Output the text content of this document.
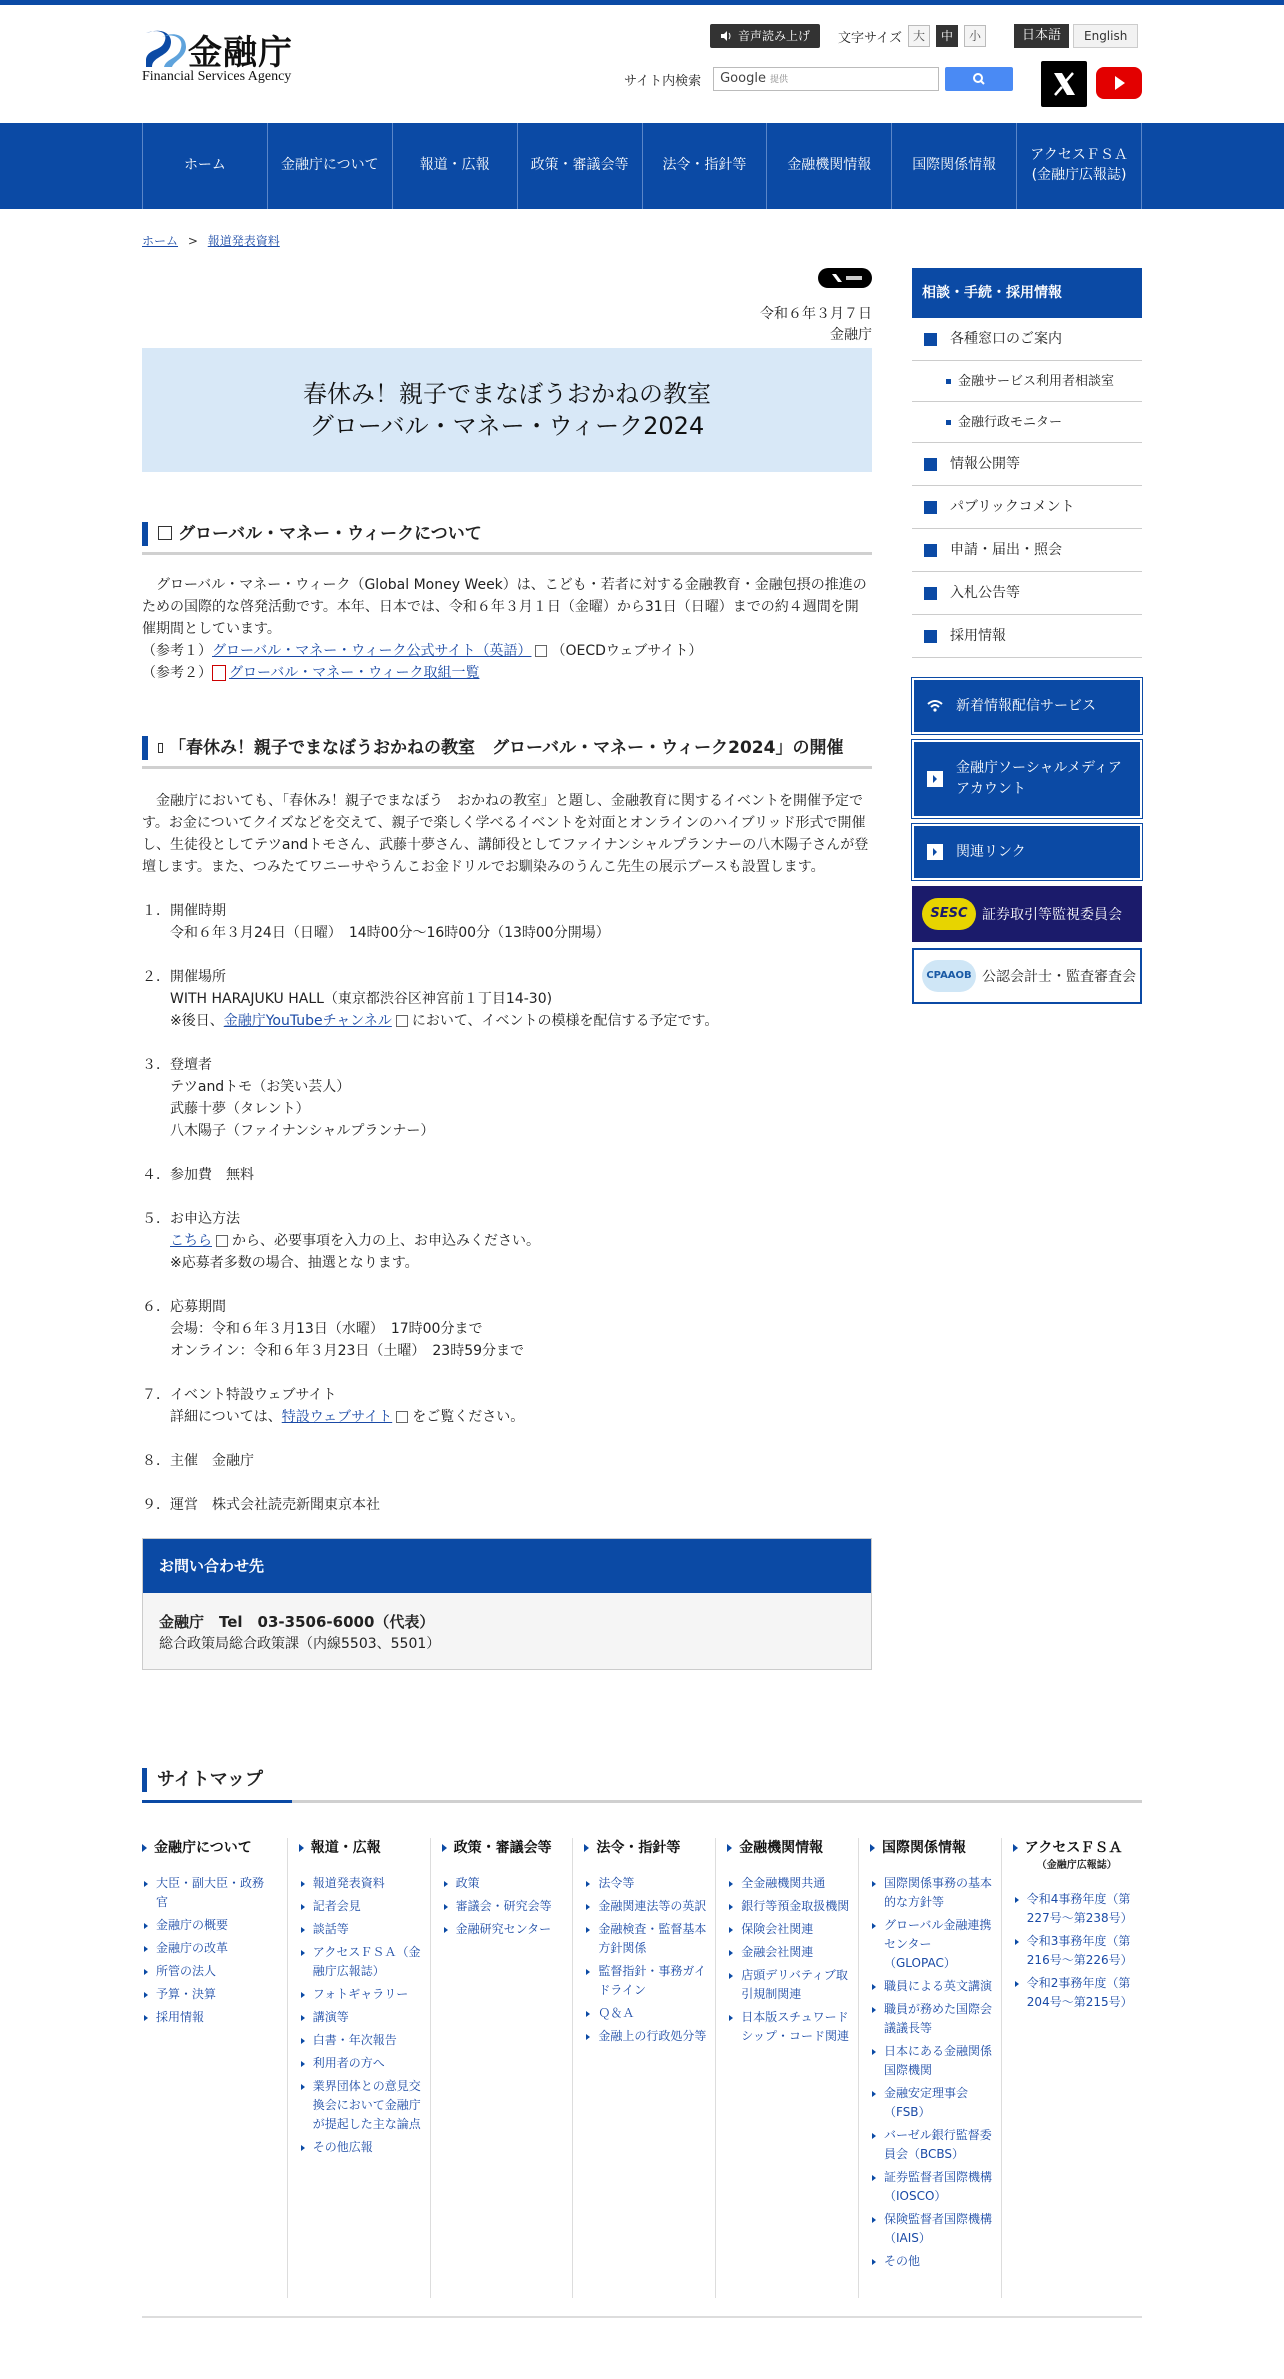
金融庁
Financial Services Agency
音声読み上げ 文字サイズ 大	中	小	日本語	English
サイト内検索	Google 提供
ホーム	金融庁について	報道・広報	政策・審議会等	法令・指針等	金融機関情報	国際関係情報
アクセスＦＳＡ
(金融庁広報誌)
ホーム > 報道発表資料
令和６年３月７日
金融庁
春休み！親子でまなぼうおかねの教室
グローバル・マネー・ウィーク2024
グローバル・マネー・ウィークについて
　グローバル・マネー・ウィーク（Global Money Week）は、こども・若者に対する金融教育・金融包摂の推進のための国際的な啓発活動です。本年、日本では、令和６年３月１日（金曜）から31日（日曜）までの約４週間を開催期間としています。
（参考１）グローバル・マネー・ウィーク公式サイト（英語） （OECDウェブサイト）
（参考２） グローバル・マネー・ウィーク取組一覧
「春休み！親子でまなぼうおかねの教室　グローバル・マネー・ウィーク2024」の開催
　金融庁においても、「春休み！親子でまなぼう　おかねの教室」と題し、金融教育に関するイベントを開催予定です。お金についてクイズなどを交えて、親子で楽しく学べるイベントを対面とオンラインのハイブリッド形式で開催し、生徒役としてテツandトモさん、武藤十夢さん、講師役としてファイナンシャルプランナーの八木陽子さんが登壇します。また、つみたてワニーサやうんこお金ドリルでお馴染みのうんこ先生の展示ブースも設置します。
１． 開催時期
令和６年３月24日（日曜）　14時00分～16時00分（13時00分開場）
２． 開催場所
WITH HARAJUKU HALL（東京都渋谷区神宮前１丁目14-30)
※後日、金融庁YouTubeチャンネル において、イベントの模様を配信する予定です。
３． 登壇者
テツandトモ（お笑い芸人）
武藤十夢（タレント）
八木陽子（ファイナンシャルプランナー）
４． 参加費　無料
５． お申込方法
こちら から、必要事項を入力の上、お申込みください。
※応募者多数の場合、抽選となります。
６． 応募期間
会場：令和６年３月13日（水曜）　17時00分まで
オンライン：令和６年３月23日（土曜）　23時59分まで
７． イベント特設ウェブサイト
詳細については、特設ウェブサイト をご覧ください。
８． 主催　金融庁
９． 運営　株式会社読売新聞東京本社
お問い合わせ先
金融庁　Tel　03-3506-6000（代表）
総合政策局総合政策課（内線5503、5501）
相談・手続・採用情報
各種窓口のご案内
金融サービス利用者相談室
金融行政モニター
情報公開等
パブリックコメント
申請・届出・照会
入札公告等
採用情報
新着情報配信サービス
金融庁ソーシャルメディア
アカウント
関連リンク
SESC	証券取引等監視委員会
CPAAOB 公認会計士・監査審査会
サイトマップ
金融庁について
大臣・副大臣・政務官
金融庁の概要
金融庁の改革
所管の法人
予算・決算
採用情報
報道・広報
報道発表資料
記者会見
談話等
アクセスＦＳＡ（金融庁広報誌）
フォトギャラリー
講演等
白書・年次報告
利用者の方へ
業界団体との意見交換会において金融庁が提起した主な論点
その他広報
政策・審議会等
政策
審議会・研究会等
金融研究センター
法令・指針等
法令等
金融関連法等の英訳
金融検査・監督基本方針関係
監督指針・事務ガイドライン
Ｑ＆Ａ
金融上の行政処分等
金融機関情報
全金融機関共通
銀行等預金取扱機関
保険会社関連
金融会社関連
店頭デリバティブ取引規制関連
日本版スチュワードシップ・コード関連
国際関係情報
国際関係事務の基本的な方針等
グローバル金融連携センター（GLOPAC）
職員による英文講演
職員が務めた国際会議議長等
日本にある金融関係国際機関
金融安定理事会（FSB）
バーゼル銀行監督委員会（BCBS）
証券監督者国際機構（IOSCO）
保険監督者国際機構（IAIS）
その他
アクセスＦＳＡ
（金融庁広報誌）
令和4事務年度（第227号～第238号）
令和3事務年度（第216号～第226号）
令和2事務年度（第204号～第215号）
